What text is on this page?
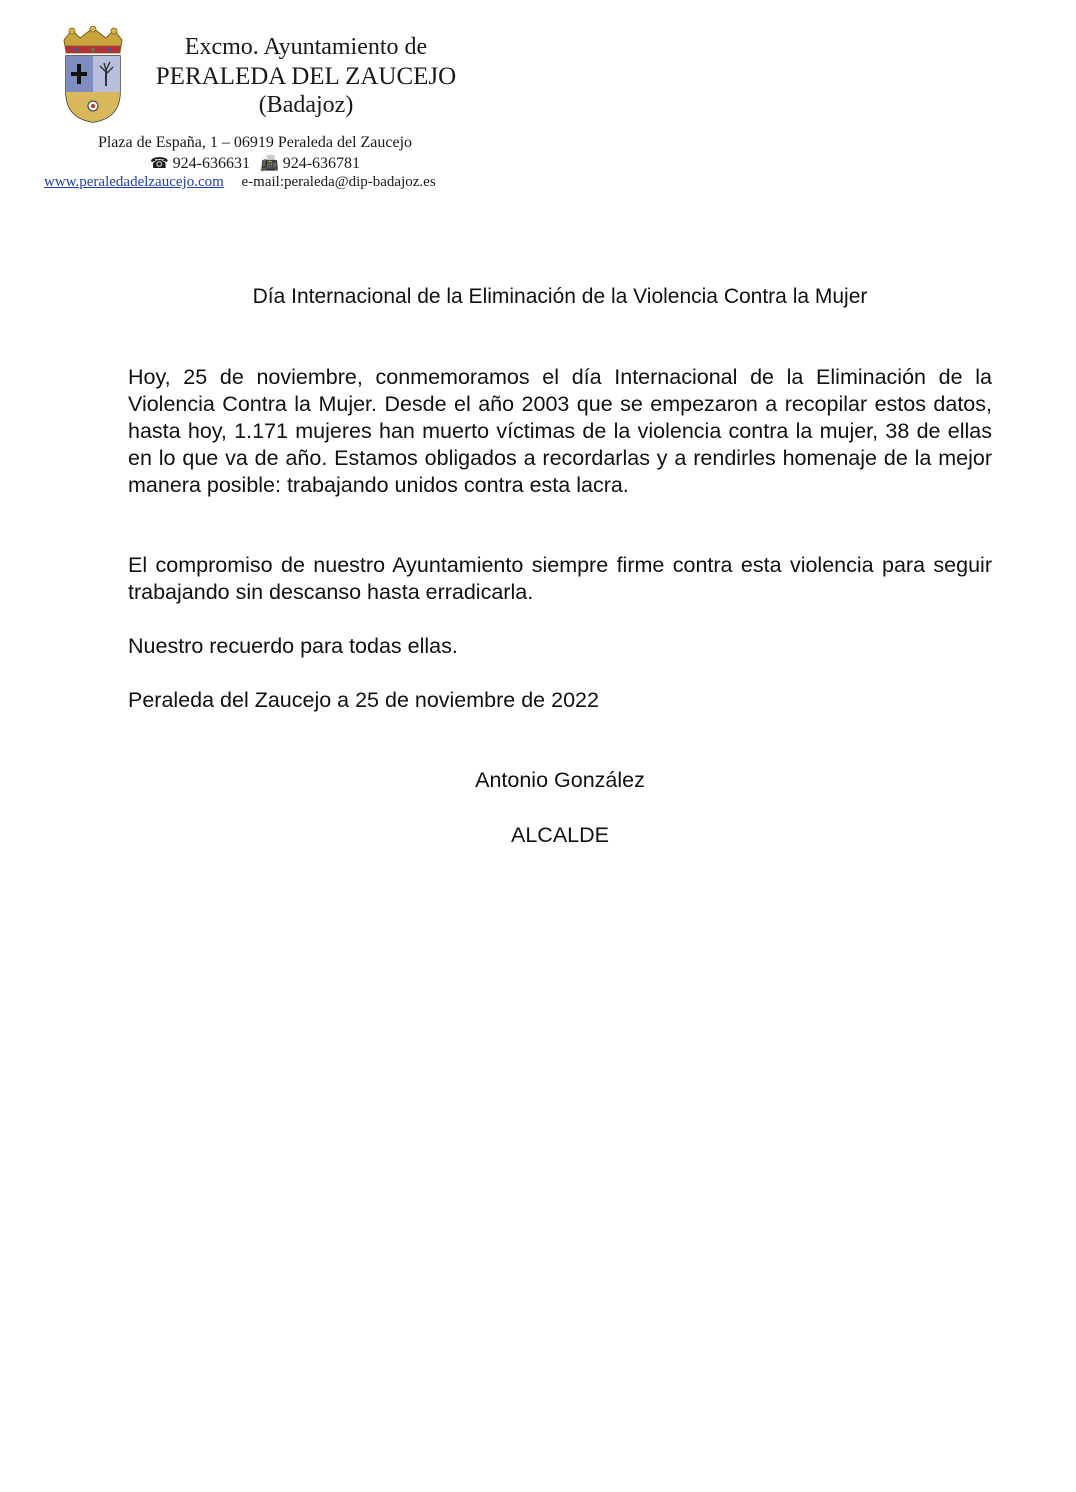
Excmo. Ayuntamiento de
PERALEDA DEL ZAUCEJO
(Badajoz)
Plaza de España, 1 – 06919 Peraleda del Zaucejo
☎ 924-636631 📠 924-636781
www.peraledadelzaucejo.com e-mail:peraleda@dip-badajoz.es
Día Internacional de la Eliminación de la Violencia Contra la Mujer
Hoy, 25 de noviembre, conmemoramos el día Internacional de la Eliminación de la Violencia Contra la Mujer. Desde el año 2003 que se empezaron a recopilar estos datos, hasta hoy, 1.171 mujeres han muerto víctimas de la violencia contra la mujer, 38 de ellas en lo que va de año. Estamos obligados a recordarlas y a rendirles homenaje de la mejor manera posible: trabajando unidos contra esta lacra.
El compromiso de nuestro Ayuntamiento siempre firme contra esta violencia para seguir trabajando sin descanso hasta erradicarla.
Nuestro recuerdo para todas ellas.
Peraleda del Zaucejo a 25 de noviembre de 2022
Antonio González
ALCALDE
